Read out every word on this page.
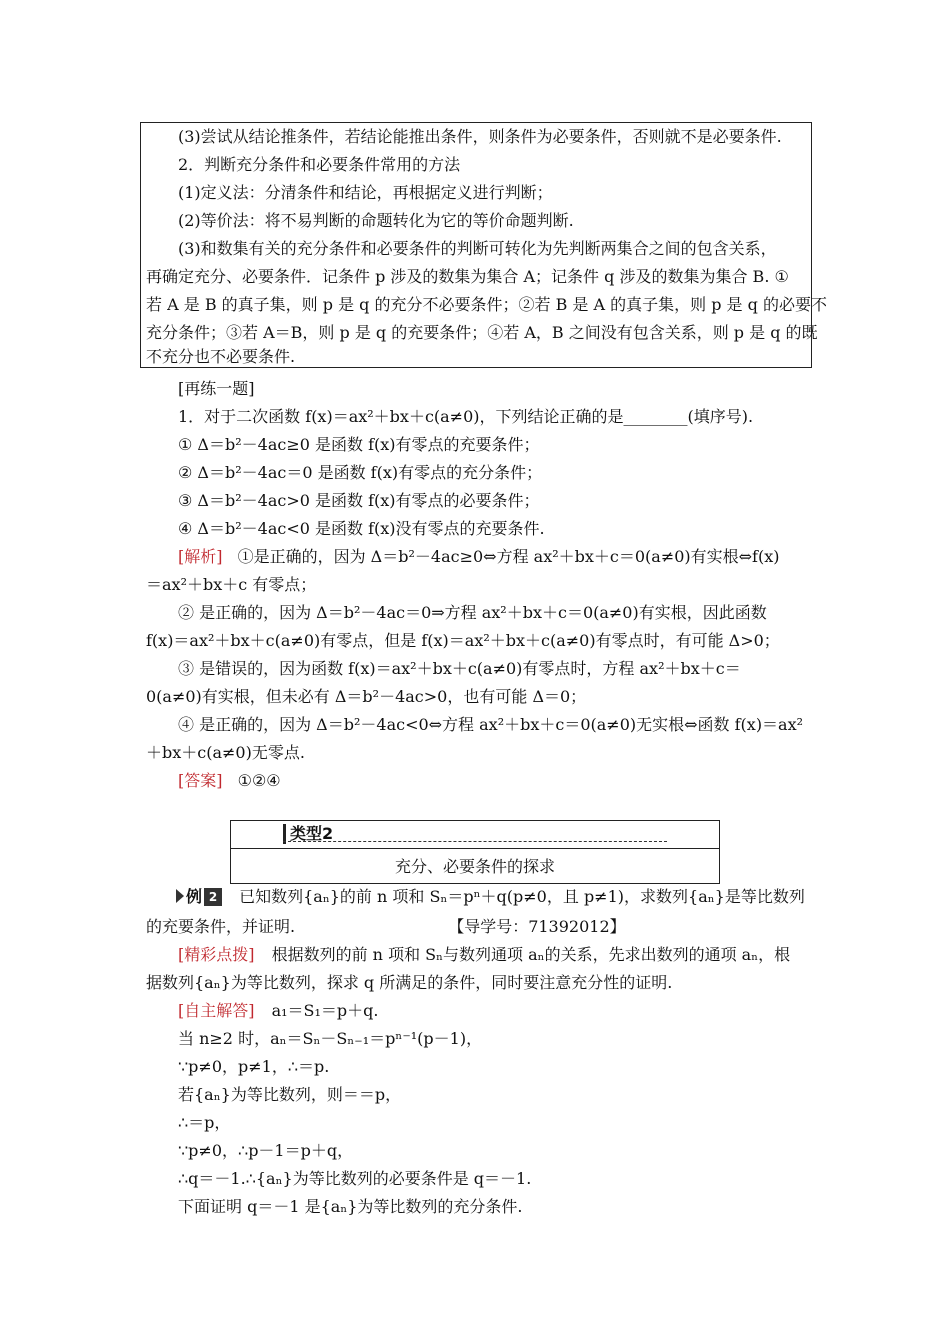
(3)尝试从结论推条件，若结论能推出条件，则条件为必要条件，否则就不是必要条件.
2．判断充分条件和必要条件常用的方法
(1)定义法：分清条件和结论，再根据定义进行判断；
(2)等价法：将不易判断的命题转化为它的等价命题判断.
(3)和数集有关的充分条件和必要条件的判断可转化为先判断两集合之间的包含关系，
再确定充分、必要条件．记条件 p 涉及的数集为集合 A；记条件 q 涉及的数集为集合 B. ①
若 A 是 B 的真子集，则 p 是 q 的充分不必要条件；②若 B 是 A 的真子集，则 p 是 q 的必要不
充分条件；③若 A＝B，则 p 是 q 的充要条件；④若 A，B 之间没有包含关系，则 p 是 q 的既
不充分也不必要条件.
[再练一题]
1．对于二次函数 f(x)＝ax²＋bx＋c(a≠0)，下列结论正确的是________(填序号).
① Δ＝b²－4ac≥0 是函数 f(x)有零点的充要条件；
② Δ＝b²－4ac＝0 是函数 f(x)有零点的充分条件；
③ Δ＝b²－4ac>0 是函数 f(x)有零点的必要条件；
④ Δ＝b²－4ac<0 是函数 f(x)没有零点的充要条件.
[解析] ①是正确的，因为 Δ＝b²－4ac≥0⇔方程 ax²＋bx＋c＝0(a≠0)有实根⇔f(x)
＝ax²＋bx＋c 有零点；
② 是正确的，因为 Δ＝b²－4ac＝0⇒方程 ax²＋bx＋c＝0(a≠0)有实根，因此函数
f(x)＝ax²＋bx＋c(a≠0)有零点，但是 f(x)＝ax²＋bx＋c(a≠0)有零点时，有可能 Δ>0；
③ 是错误的，因为函数 f(x)＝ax²＋bx＋c(a≠0)有零点时，方程 ax²＋bx＋c＝
0(a≠0)有实根，但未必有 Δ＝b²－4ac>0，也有可能 Δ＝0；
④ 是正确的，因为 Δ＝b²－4ac<0⇔方程 ax²＋bx＋c＝0(a≠0)无实根⇔函数 f(x)＝ax²
＋bx＋c(a≠0)无零点.
[答案] ①②④
类型2
充分、必要条件的探求
例 2 已知数列{aₙ}的前 n 项和 Sₙ＝pⁿ＋q(p≠0，且 p≠1)，求数列{aₙ}是等比数列
的充要条件，并证明.	【导学号：71392012】
[精彩点拨] 根据数列的前 n 项和 Sₙ与数列通项 aₙ的关系，先求出数列的通项 aₙ，根
据数列{aₙ}为等比数列，探求 q 所满足的条件，同时要注意充分性的证明.
[自主解答] a₁＝S₁＝p＋q.
当 n≥2 时，aₙ＝Sₙ－Sₙ₋₁＝pⁿ⁻¹(p－1)，
∵p≠0，p≠1，∴＝p.
若{aₙ}为等比数列，则＝＝p，
∴＝p，
∵p≠0，∴p－1＝p＋q，
∴q＝－1.∴{aₙ}为等比数列的必要条件是 q＝－1.
下面证明 q＝－1 是{aₙ}为等比数列的充分条件.
